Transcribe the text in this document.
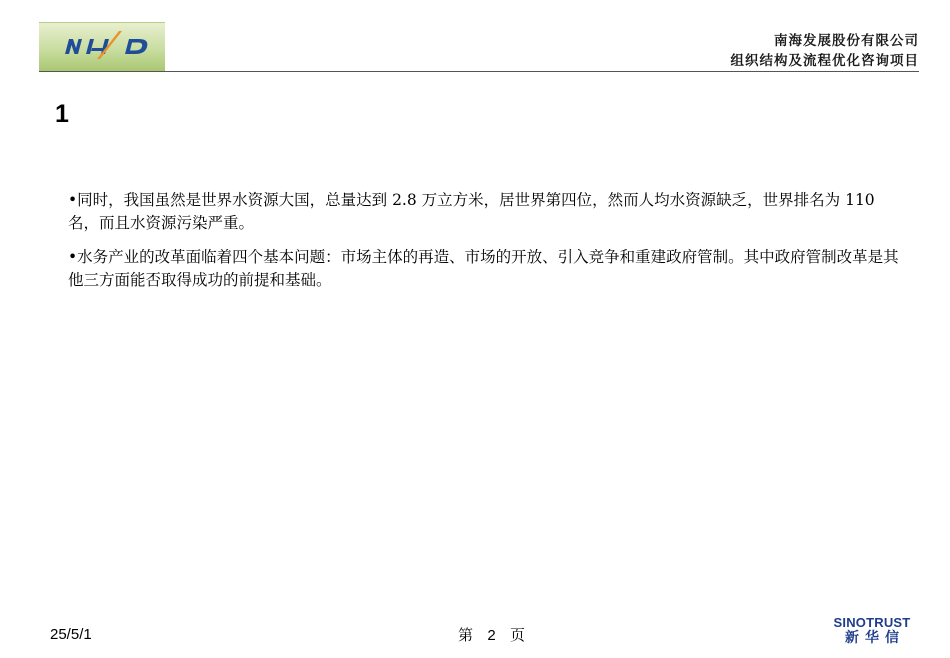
南海发展股份有限公司
组织结构及流程优化咨询项目
1

•同时，我国虽然是世界水资源大国，总量达到 2.8 万立方米，居世界第四位，然而人均水资源缺乏，世界排名为 110 名，而且水资源污染严重。

•水务产业的改革面临着四个基本问题：市场主体的再造、市场的开放、引入竞争和重建政府管制。其中政府管制改革是其他三方面能否取得成功的前提和基础。

25/5/1	第 2 页
SINOTRUST
新华信
